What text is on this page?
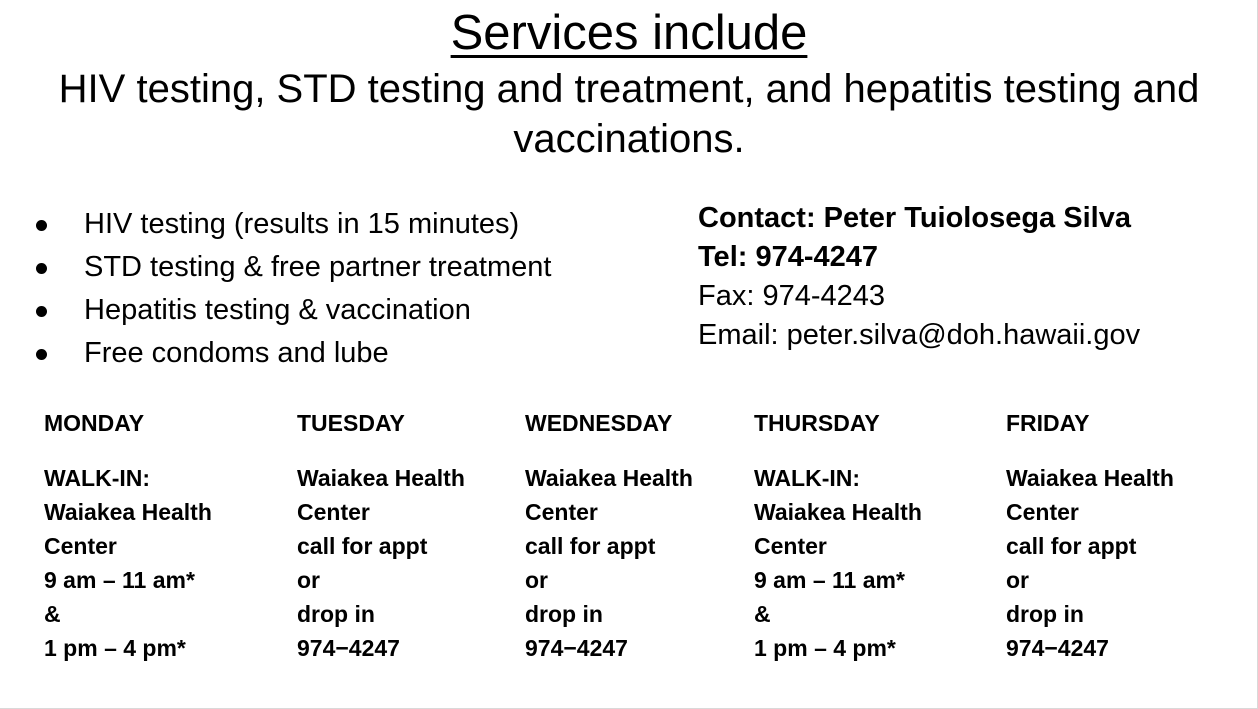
Services include

HIV testing, STD testing and treatment, and hepatitis testing and vaccinations.

HIV testing (results in 15 minutes)
STD testing & free partner treatment
Hepatitis testing & vaccination
Free condoms and lube
Contact: Peter Tuiolosega Silva
Tel: 974-4247
Fax: 974-4243
Email: peter.silva@doh.hawaii.gov
MONDAY
WALK-IN:
Waiakea Health
Center
9 am – 11 am*
&
1 pm – 4 pm*
TUESDAY
Waiakea Health
Center
call for appt
or
drop in
974−4247
WEDNESDAY
Waiakea Health
Center
call for appt
or
drop in
974−4247
THURSDAY
WALK-IN:
Waiakea Health
Center
9 am – 11 am*
&
1 pm – 4 pm*
FRIDAY
Waiakea Health
Center
call for appt
or
drop in
974−4247
